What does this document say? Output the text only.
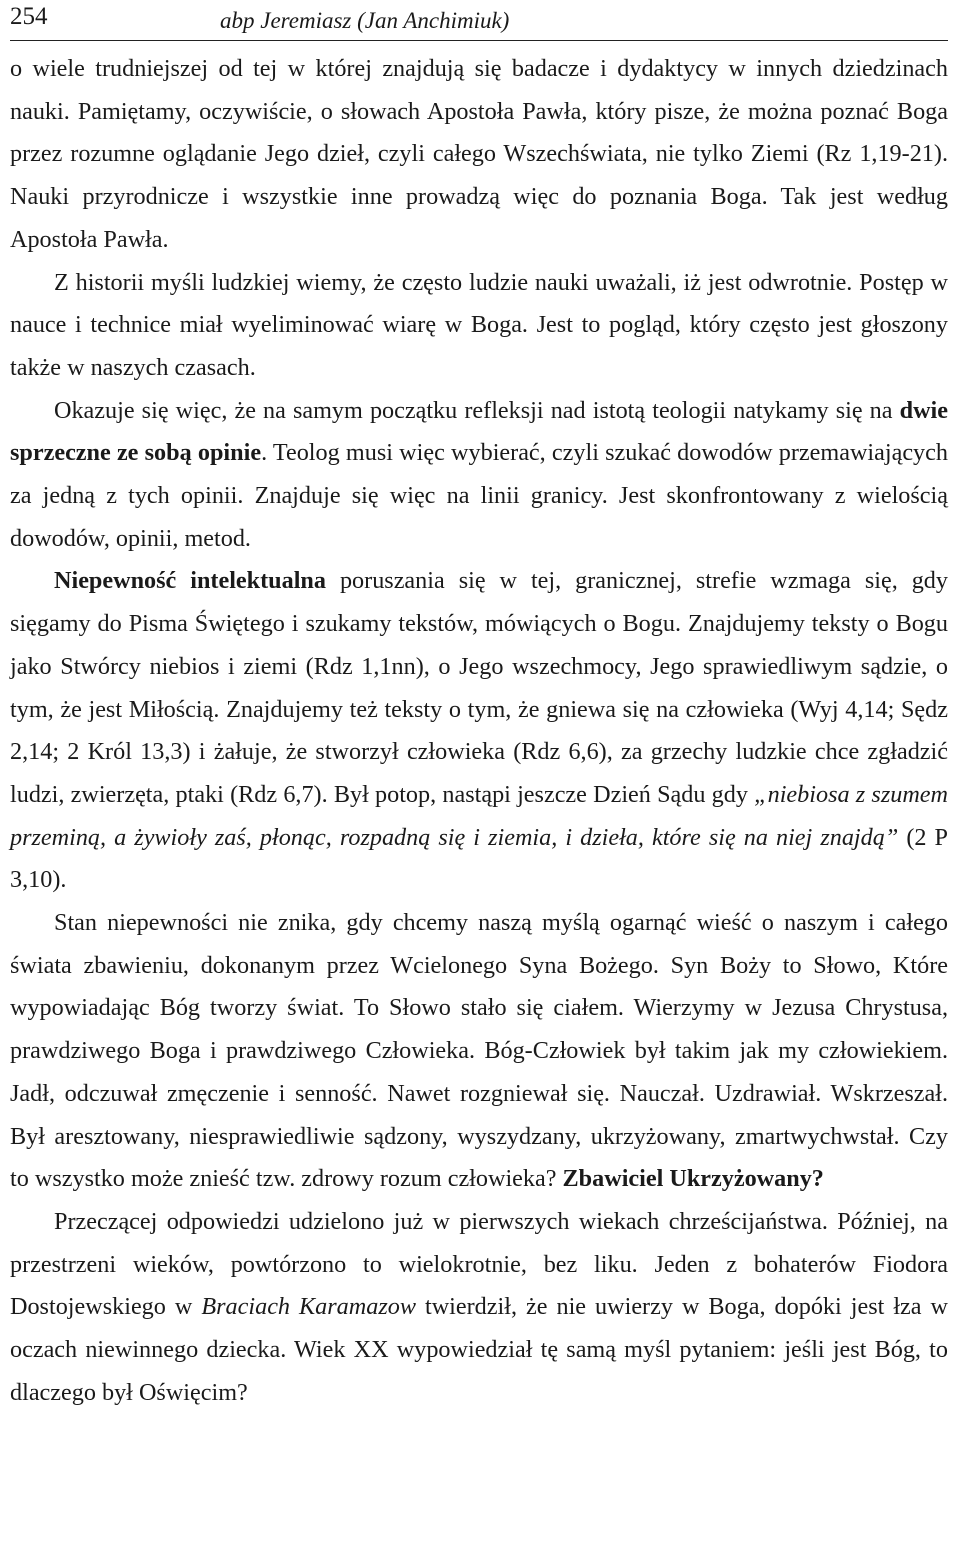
254	abp Jeremiasz (Jan Anchimiuk)

o wiele trudniejszej od tej w której znajdują się badacze i dydaktycy w innych dziedzinach nauki. Pamiętamy, oczywiście, o słowach Apostoła Pawła, który pisze, że można poznać Boga przez rozumne oglądanie Jego dzieł, czyli całego Wszechświata, nie tylko Ziemi (Rz 1,19-21). Nauki przyrodnicze i wszystkie inne prowadzą więc do poznania Boga. Tak jest według Apostoła Pawła.

Z historii myśli ludzkiej wiemy, że często ludzie nauki uważali, iż jest odwrotnie. Postęp w nauce i technice miał wyeliminować wiarę w Boga. Jest to pogląd, który często jest głoszony także w naszych czasach.

Okazuje się więc, że na samym początku refleksji nad istotą teologii natykamy się na dwie sprzeczne ze sobą opinie. Teolog musi więc wybierać, czyli szukać dowodów przemawiających za jedną z tych opinii. Znajduje się więc na linii granicy. Jest skonfrontowany z wielością dowodów, opinii, metod.

Niepewność intelektualna poruszania się w tej, granicznej, strefie wzmaga się, gdy sięgamy do Pisma Świętego i szukamy tekstów, mówiących o Bogu. Znajdujemy teksty o Bogu jako Stwórcy niebios i ziemi (Rdz 1,1nn), o Jego wszechmocy, Jego sprawiedliwym sądzie, o tym, że jest Miłością. Znajdujemy też teksty o tym, że gniewa się na człowieka (Wyj 4,14; Sędz 2,14; 2 Król 13,3) i żałuje, że stworzył człowieka (Rdz 6,6), za grzechy ludzkie chce zgładzić ludzi, zwierzęta, ptaki (Rdz 6,7). Był potop, nastąpi jeszcze Dzień Sądu gdy „niebiosa z szumem przeminą, a żywioły zaś, płonąc, rozpadną się i ziemia, i dzieła, które się na niej znajdą” (2 P 3,10).

Stan niepewności nie znika, gdy chcemy naszą myślą ogarnąć wieść o naszym i całego świata zbawieniu, dokonanym przez Wcielonego Syna Bożego. Syn Boży to Słowo, Które wypowiadając Bóg tworzy świat. To Słowo stało się ciałem. Wierzymy w Jezusa Chrystusa, prawdziwego Boga i prawdziwego Człowieka. Bóg-Człowiek był takim jak my człowiekiem. Jadł, odczuwał zmęczenie i senność. Nawet rozgniewał się. Nauczał. Uzdrawiał. Wskrzeszał. Był aresztowany, niesprawiedliwie sądzony, wyszydzany, ukrzyżowany, zmartwychwstał. Czy to wszystko może znieść tzw. zdrowy rozum człowieka? Zbawiciel Ukrzyżowany?

Przeczącej odpowiedzi udzielono już w pierwszych wiekach chrześcijaństwa. Później, na przestrzeni wieków, powtórzono to wielokrotnie, bez liku. Jeden z bohaterów Fiodora Dostojewskiego w Braciach Karamazow twierdził, że nie uwierzy w Boga, dopóki jest łza w oczach niewinnego dziecka. Wiek XX wypowiedział tę samą myśl pytaniem: jeśli jest Bóg, to dlaczego był Oświęcim?
